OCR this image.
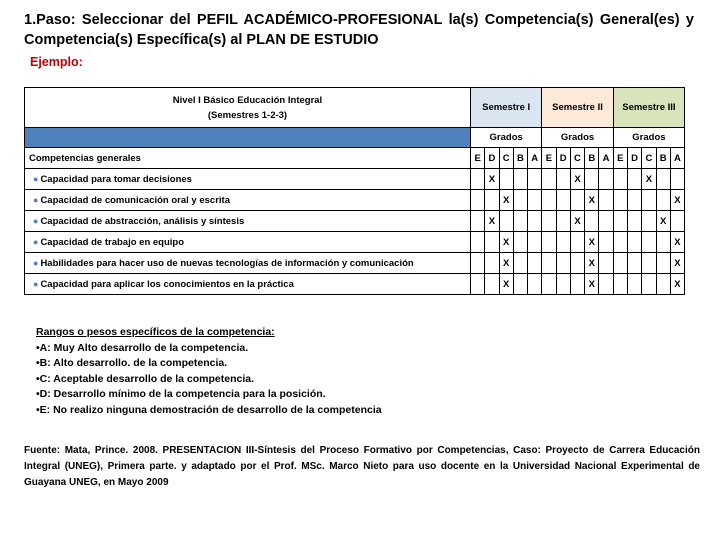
1.Paso: Seleccionar del PEFIL ACADÉMICO-PROFESIONAL la(s) Competencia(s) General(es) y Competencia(s) Específica(s) al PLAN DE ESTUDIO
Ejemplo:
Nivel I Básico Educación Integral
(Semestres 1-2-3)	Semestre I					Semestre II					Semestre III				
	Grados					Grados					Grados				
Competencias generales	E	D	C	B	A	E	D	C	B	A	E	D	C	B	A
● Capacidad para tomar decisiones		X						X					X		
● Capacidad de comunicación oral y escrita			X						X						X
● Capacidad de abstracción, análisis y síntesis		X						X						X	
● Capacidad de trabajo en equipo			X						X						X
● Habilidades para hacer uso de nuevas tecnologías de información y comunicación			X						X						X
● Capacidad para aplicar los conocimientos en la práctica			X						X						X
Rangos o pesos específicos de la competencia:
•A: Muy Alto desarrollo de la competencia.
•B: Alto desarrollo. de la competencia.
•C: Aceptable desarrollo de la competencia.
•D: Desarrollo mínimo de la competencia para la posición.
•E: No realizo ninguna demostración de desarrollo de la competencia
Fuente: Mata, Prince. 2008. PRESENTACION III-Síntesis del Proceso Formativo por Competencias, Caso: Proyecto de Carrera Educación Integral (UNEG), Primera parte. y adaptado por el Prof. MSc. Marco Nieto para uso docente en la Universidad Nacional Experimental de Guayana UNEG, en Mayo 2009
